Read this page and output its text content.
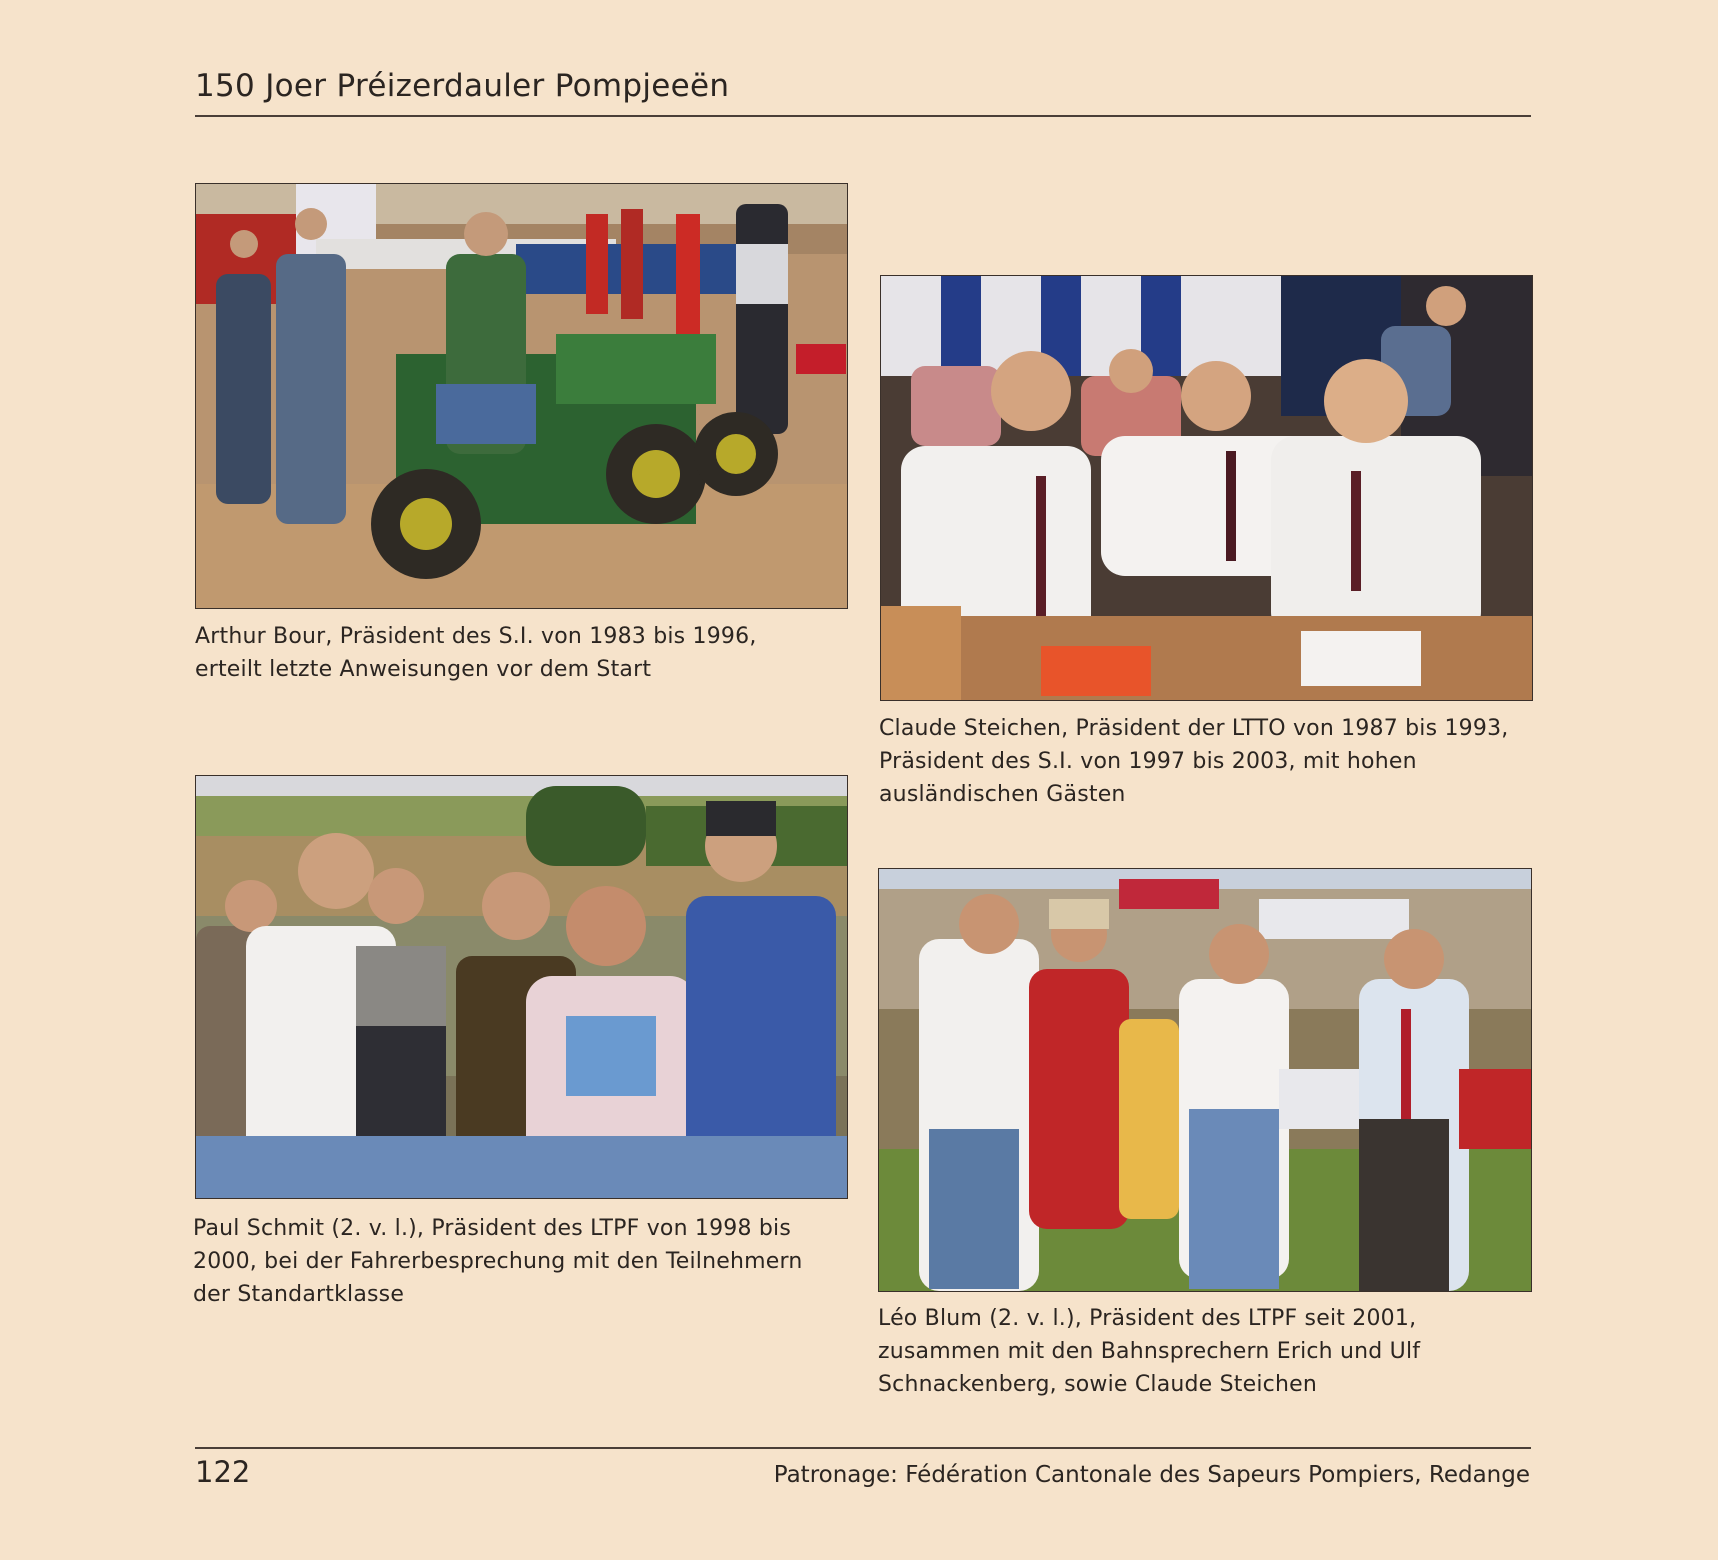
150 Joer Préizerdauler Pompjeeën
Arthur Bour, Präsident des S.I. von 1983 bis 1996,
erteilt letzte Anweisungen vor dem Start
Claude Steichen, Präsident der LTTO von 1987 bis 1993,
Präsident des S.I. von 1997 bis 2003, mit hohen
ausländischen Gästen
Paul Schmit (2. v. l.), Präsident des LTPF von 1998 bis
2000, bei der Fahrerbesprechung mit den Teilnehmern
der Standartklasse
Léo Blum (2. v. l.), Präsident des LTPF seit 2001,
zusammen mit den Bahnsprechern Erich und Ulf
Schnackenberg, sowie Claude Steichen
122	Patronage: Fédération Cantonale des Sapeurs Pompiers, Redange
